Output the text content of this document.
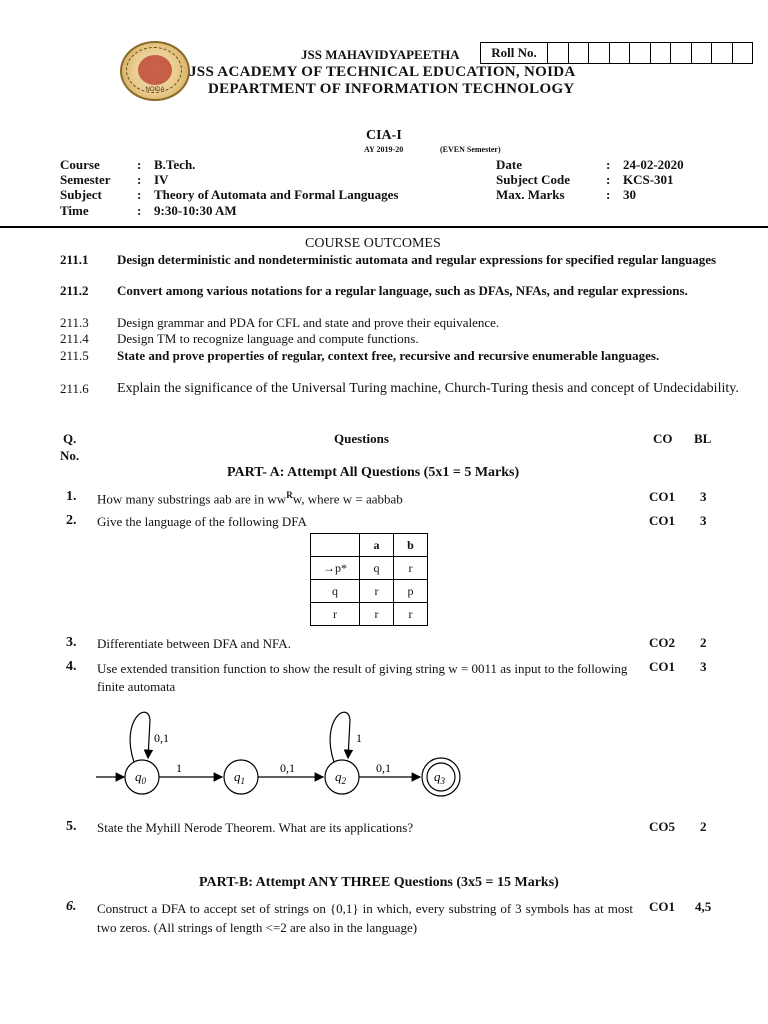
NOIDA
JSS MAHAVIDYAPEETHA
JSS ACADEMY OF TECHNICAL EDUCATION, NOIDA
DEPARTMENT OF INFORMATION TECHNOLOGY
Roll No.
CIA-I
AY 2019-20	(EVEN Semester)
Course	: B.Tech.
Semester : IV
Subject	: Theory of Automata and Formal Languages
Time	: 9:30-10:30 AM
Date	: 24-02-2020
Subject Code	: KCS-301
Max. Marks	: 30
COURSE OUTCOMES
211.1	Design deterministic and nondeterministic automata and regular expressions for specified regular languages
211.2	Convert among various notations for a regular language, such as DFAs, NFAs, and regular expressions.
211.3	Design grammar and PDA for CFL and state and prove their equivalence.
211.4	Design TM to recognize language and compute functions.
211.5	State and prove properties of regular, context free, recursive and recursive enumerable languages.
211.6	Explain the significance of the Universal Turing machine, Church-Turing thesis and concept of Undecidability.
Q.
No.
Questions	CO BL
PART- A: Attempt All Questions (5x1 = 5 Marks)
1. How many substrings aab are in $ww^Rw$, where w = aabbab	CO1 3
2. Give the language of the following DFA	CO1 3
	a	b
→p*	q	r
q	r	p
r	r	r
3. Differentiate between DFA and NFA.	CO2 2
4. Use extended transition function to show the result of giving string w = 0011 as input to the following finite automata
CO1 3
$q_0$	$q_1$	$q_2$	$q_3$
0,1	1
1	0,1	0,1
5. State the Myhill Nerode Theorem. What are its applications?	CO5 2
PART-B: Attempt ANY THREE Questions (3x5 = 15 Marks)
6. Construct a DFA to accept set of strings on {0,1} in which, every substring of 3 symbols has at most two zeros. (All strings of length <=2 are also in the language)
CO1 4,5
